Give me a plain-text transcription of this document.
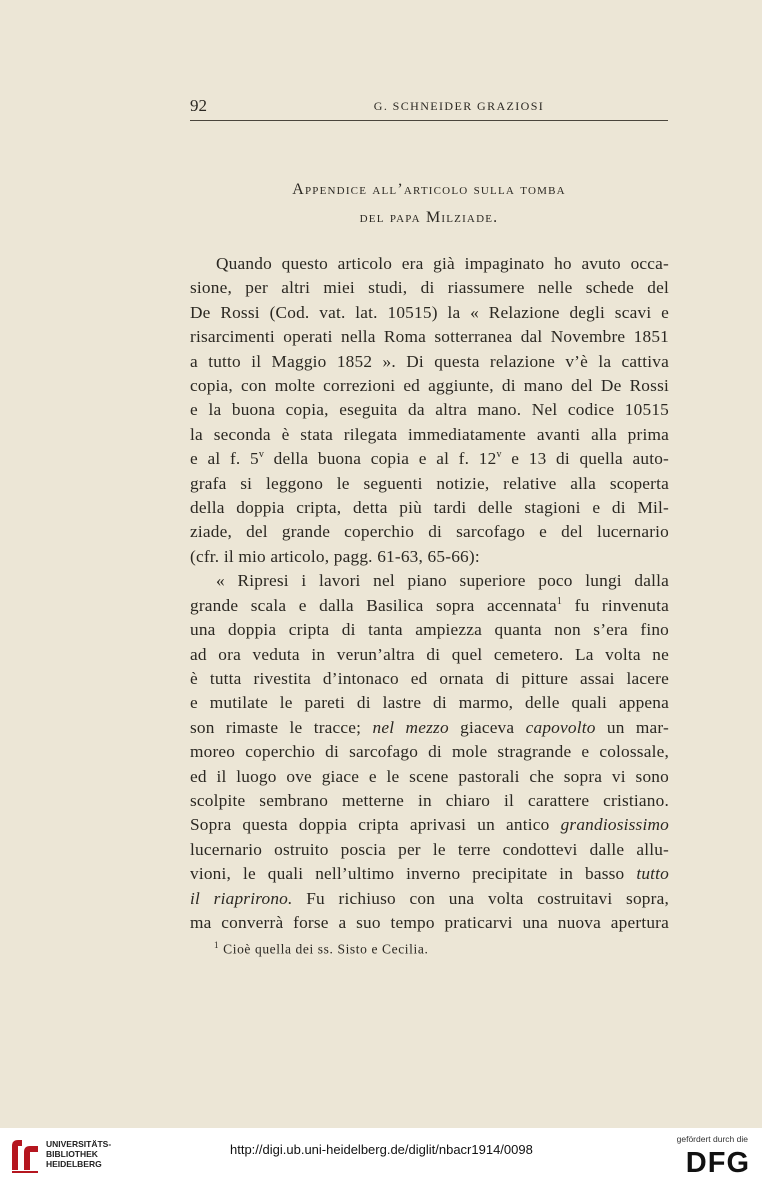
92	G. SCHNEIDER GRAZIOSI
Appendice all’articolo sulla tomba
del papa Milziade.
Quando questo articolo era già impaginato ho avuto occa-
sione, per altri miei studi, di riassumere nelle schede del
De Rossi (Cod. vat. lat. 10515) la « Relazione degli scavi e
risarcimenti operati nella Roma sotterranea dal Novembre 1851
a tutto il Maggio 1852 ». Di questa relazione v’è la cattiva
copia, con molte correzioni ed aggiunte, di mano del De Rossi
e la buona copia, eseguita da altra mano. Nel codice 10515
la seconda è stata rilegata immediatamente avanti alla prima
e al f. 5$^v$ della buona copia e al f. 12$^v$ e 13 di quella auto-
grafa si leggono le seguenti notizie, relative alla scoperta
della doppia cripta, detta più tardi delle stagioni e di Mil-
ziade, del grande coperchio di sarcofago e del lucernario
(cfr. il mio articolo, pagg. 61-63, 65-66):
« Ripresi i lavori nel piano superiore poco lungi dalla
grande scala e dalla Basilica sopra accennata$^1$ fu rinvenuta
una doppia cripta di tanta ampiezza quanta non s’era fino
ad ora veduta in verun’altra di quel cemetero. La volta ne
è tutta rivestita d’intonaco ed ornata di pitture assai lacere
e mutilate le pareti di lastre di marmo, delle quali appena
son rimaste le tracce; nel mezzo giaceva capovolto un mar-
moreo coperchio di sarcofago di mole stragrande e colossale,
ed il luogo ove giace e le scene pastorali che sopra vi sono
scolpite sembrano metterne in chiaro il carattere cristiano.
Sopra questa doppia cripta aprivasi un antico grandiosissimo
lucernario ostruito poscia per le terre condottevi dalle allu-
vioni, le quali nell’ultimo inverno precipitate in basso tutto
il riaprirono. Fu richiuso con una volta costruitavi sopra,
ma converrà forse a suo tempo praticarvi una nuova apertura
$^1$ Cioè quella dei ss. Sisto e Cecilia.
UNIVERSITÄTS-
BIBLIOTHEK
HEIDELBERG
http://digi.ub.uni-heidelberg.de/diglit/nbacr1914/0098
gefördert durch die
DFG
